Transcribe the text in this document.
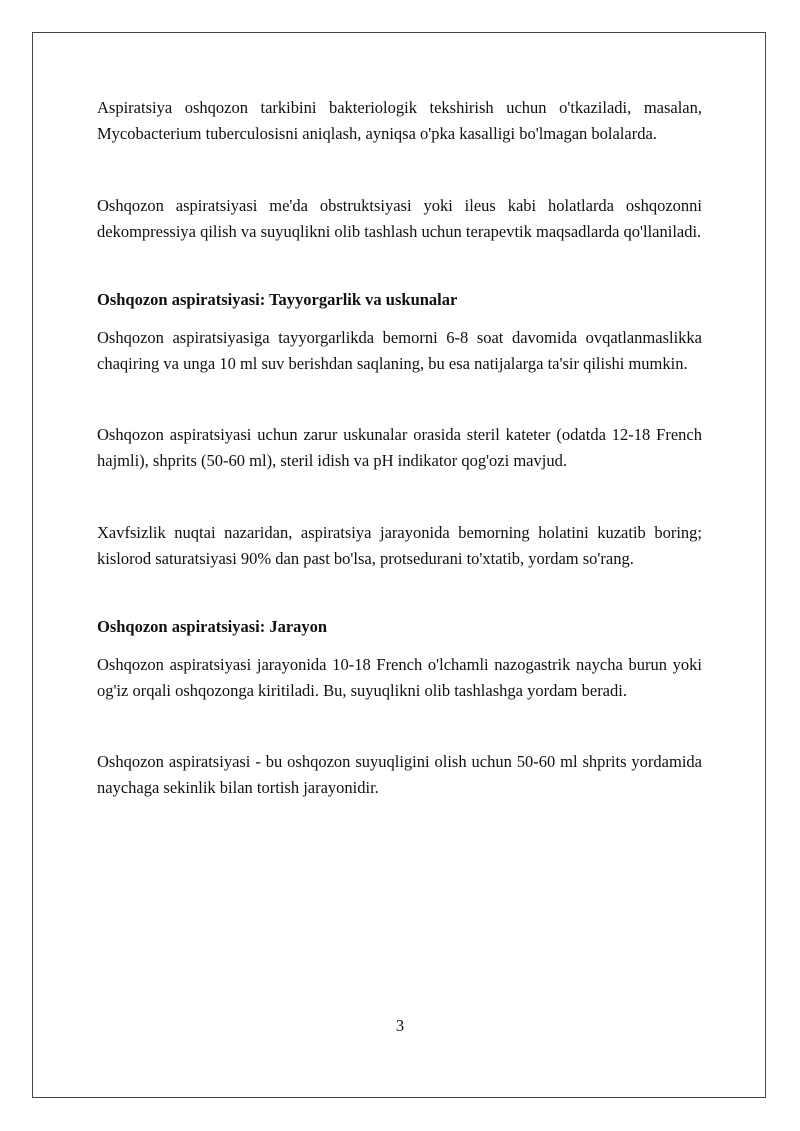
Aspiratsiya oshqozon tarkibini bakteriologik tekshirish uchun o'tkaziladi, masalan, Mycobacterium tuberculosisni aniqlash, ayniqsa o'pka kasalligi bo'lmagan bolalarda.

Oshqozon aspiratsiyasi me'da obstruktsiyasi yoki ileus kabi holatlarda oshqozonni dekompressiya qilish va suyuqlikni olib tashlash uchun terapevtik maqsadlarda qo'llaniladi.

Oshqozon aspiratsiyasi: Tayyorgarlik va uskunalar

Oshqozon aspiratsiyasiga tayyorgarlikda bemorni 6-8 soat davomida ovqatlanmaslikka chaqiring va unga 10 ml suv berishdan saqlaning, bu esa natijalarga ta'sir qilishi mumkin.

Oshqozon aspiratsiyasi uchun zarur uskunalar orasida steril kateter (odatda 12-18 French hajmli), shprits (50-60 ml), steril idish va pH indikator qog'ozi mavjud.

Xavfsizlik nuqtai nazaridan, aspiratsiya jarayonida bemorning holatini kuzatib boring; kislorod saturatsiyasi 90% dan past bo'lsa, protsedurani to'xtatib, yordam so'rang.

Oshqozon aspiratsiyasi: Jarayon

Oshqozon aspiratsiyasi jarayonida 10-18 French o'lchamli nazogastrik naycha burun yoki og'iz orqali oshqozonga kiritiladi. Bu, suyuqlikni olib tashlashga yordam beradi.

Oshqozon aspiratsiyasi - bu oshqozon suyuqligini olish uchun 50-60 ml shprits yordamida naychaga sekinlik bilan tortish jarayonidir.

3
